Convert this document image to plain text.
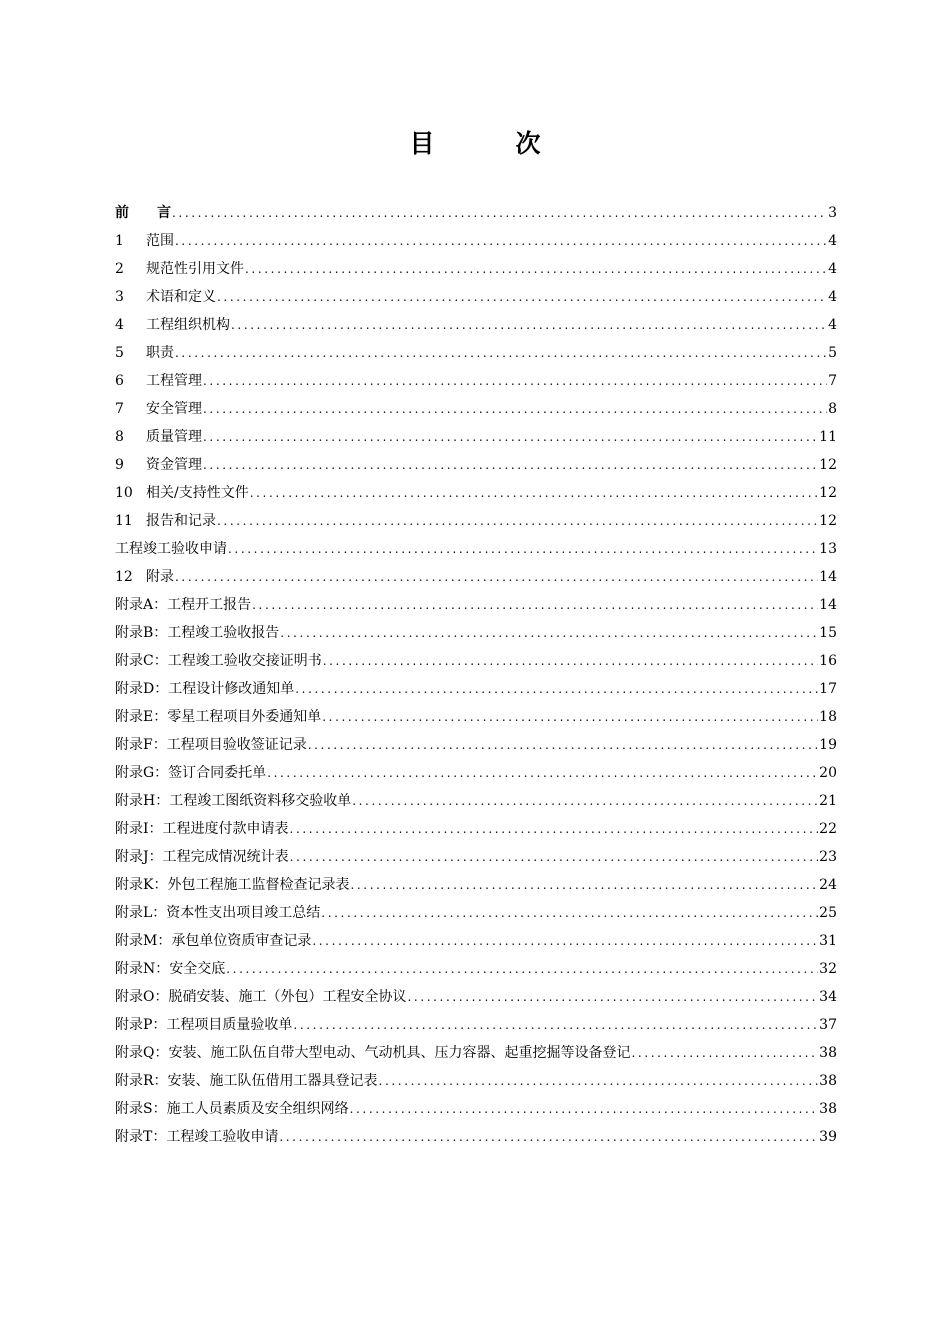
目　次
前　　言 .....	3
1	范围 .....	4
2	规范性引用文件 .....	4
3	术语和定义 .....	4
4	工程组织机构 .....	4
5	职责 .....	5
6	工程管理 .....	7
7	安全管理 .....	8
8	质量管理 .....	11
9	资金管理 .....	12
10 相关/支持性文件 .....	12
11 报告和记录 .....	12
工程竣工验收申请 .....	13
12 附录 .....	14
附录A：工程开工报告 .....	14
附录B：工程竣工验收报告 .....	15
附录C：工程竣工验收交接证明书 .....	16
附录D：工程设计修改通知单 .....	17
附录E：零星工程项目外委通知单 .....	18
附录F：工程项目验收签证记录 .....	19
附录G：签订合同委托单 .....	20
附录H：工程竣工图纸资料移交验收单 .....	21
附录I：工程进度付款申请表 .....	22
附录J：工程完成情况统计表 .....	23
附录K：外包工程施工监督检查记录表 .....	24
附录L：资本性支出项目竣工总结 .....	25
附录M：承包单位资质审查记录 .....	31
附录N：安全交底 .....	32
附录O：脱硝安装、施工（外包）工程安全协议 .....	34
附录P：工程项目质量验收单 .....	37
附录Q：安装、施工队伍自带大型电动、气动机具、压力容器、起重挖掘等设备登记 .....	38
附录R：安装、施工队伍借用工器具登记表 .....	38
附录S：施工人员素质及安全组织网络 .....	38
附录T：工程竣工验收申请 .....	39
